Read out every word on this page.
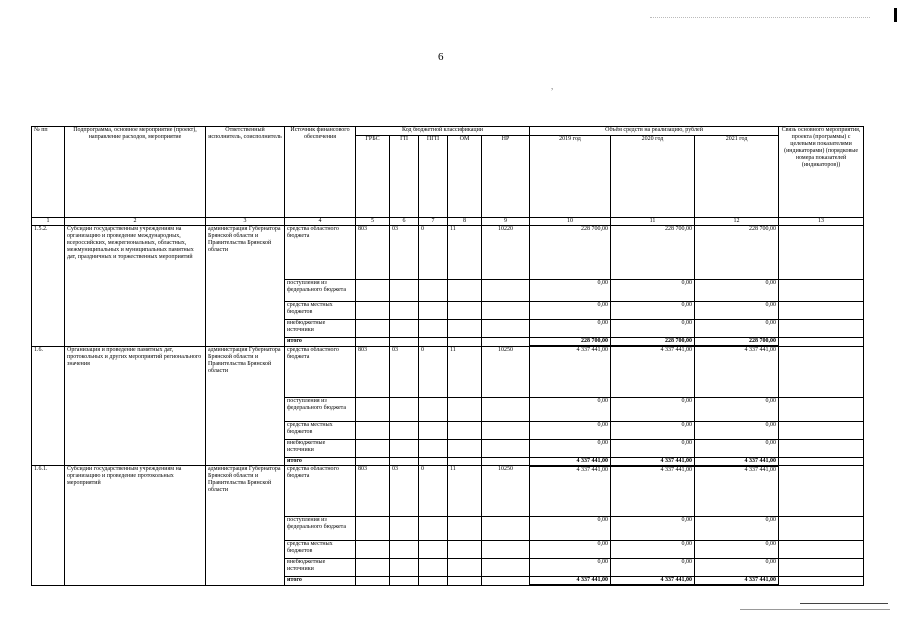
6
,
№ пп	Подпрограмма, основное мероприятие (проект), направление расходов, мероприятие	Ответственный исполнитель, соисполнитель	Источник финансового обеспечения	Код бюджетной классификации					Объём средств на реализацию, рублей			Связь основного мероприятия, проекта (программы) с целевыми показателями (индикаторами) (порядковые номера показателей (индикаторов))
				ГРБС	ГП	ПГП	ОМ	НР	2019 год	2020 год	2021 год	
1	2	3	4	5	6	7	8	9	10	11	12	13
1.5.2.	Субсидии государственным учреждениям на организацию и проведение международных, всероссийских, межрегиональных, областных, межмуниципальных и муниципальных памятных дат, праздничных и торжественных мероприятий	администрация Губернатора Брянской области и Правительства Брянской области	средства областного бюджета	803	03	0	11	10220	228 700,00	228 700,00	228 700,00	
			поступления из федерального бюджета						0,00	0,00	0,00	
			средства местных бюджетов						0,00	0,00	0,00	
			внебюджетные источники						0,00	0,00	0,00	
			итого						228 700,00	228 700,00	228 700,00	
1.6.	Организация и проведение памятных дат, протокольных и других мероприятий регионального значения	администрация Губернатора Брянской области и Правительства Брянской области	средства областного бюджета	803	03	0	11	10250	4 337 441,00	4 337 441,00	4 337 441,00	
			поступления из федерального бюджета						0,00	0,00	0,00	
			средства местных бюджетов						0,00	0,00	0,00	
			внебюджетные источники						0,00	0,00	0,00	
			итого						4 337 441,00	4 337 441,00	4 337 441,00	
1.6.1.	Субсидии государственным учреждениям на организацию и проведение протокольных мероприятий	администрация Губернатора Брянской области и Правительства Брянской области	средства областного бюджета	803	03	0	11	10250	4 337 441,00	4 337 441,00	4 337 441,00	
			поступления из федерального бюджета						0,00	0,00	0,00	
			средства местных бюджетов						0,00	0,00	0,00	
			внебюджетные источники						0,00	0,00	0,00	
			итого						4 337 441,00	4 337 441,00	4 337 441,00	
